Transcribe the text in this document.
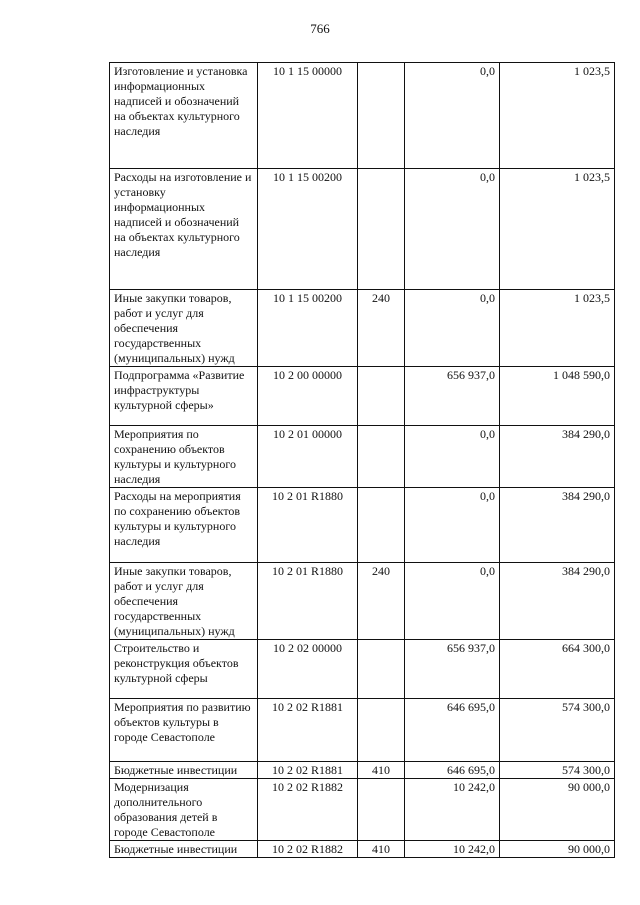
766
Изготовление и установка информационных надписей и обозначений на объектах культурного наследия	10 1 15 00000		0,0	1 023,5
Расходы на изготовление и установку информационных надписей и обозначений на объектах культурного наследия	10 1 15 00200		0,0	1 023,5
Иные закупки товаров, работ и услуг для обеспечения государственных (муниципальных) нужд	10 1 15 00200	240	0,0	1 023,5
Подпрограмма «Развитие инфраструктуры культурной сферы»	10 2 00 00000		656 937,0	1 048 590,0
Мероприятия по сохранению объектов культуры и культурного наследия	10 2 01 00000		0,0	384 290,0
Расходы на мероприятия по сохранению объектов культуры и культурного наследия	10 2 01 R1880		0,0	384 290,0
Иные закупки товаров, работ и услуг для обеспечения государственных (муниципальных) нужд	10 2 01 R1880	240	0,0	384 290,0
Строительство и реконструкция объектов культурной сферы	10 2 02 00000		656 937,0	664 300,0
Мероприятия по развитию объектов культуры в городе Севастополе	10 2 02 R1881		646 695,0	574 300,0
Бюджетные инвестиции	10 2 02 R1881	410	646 695,0	574 300,0
Модернизация дополнительного образования детей в городе Севастополе	10 2 02 R1882		10 242,0	90 000,0
Бюджетные инвестиции	10 2 02 R1882	410	10 242,0	90 000,0
